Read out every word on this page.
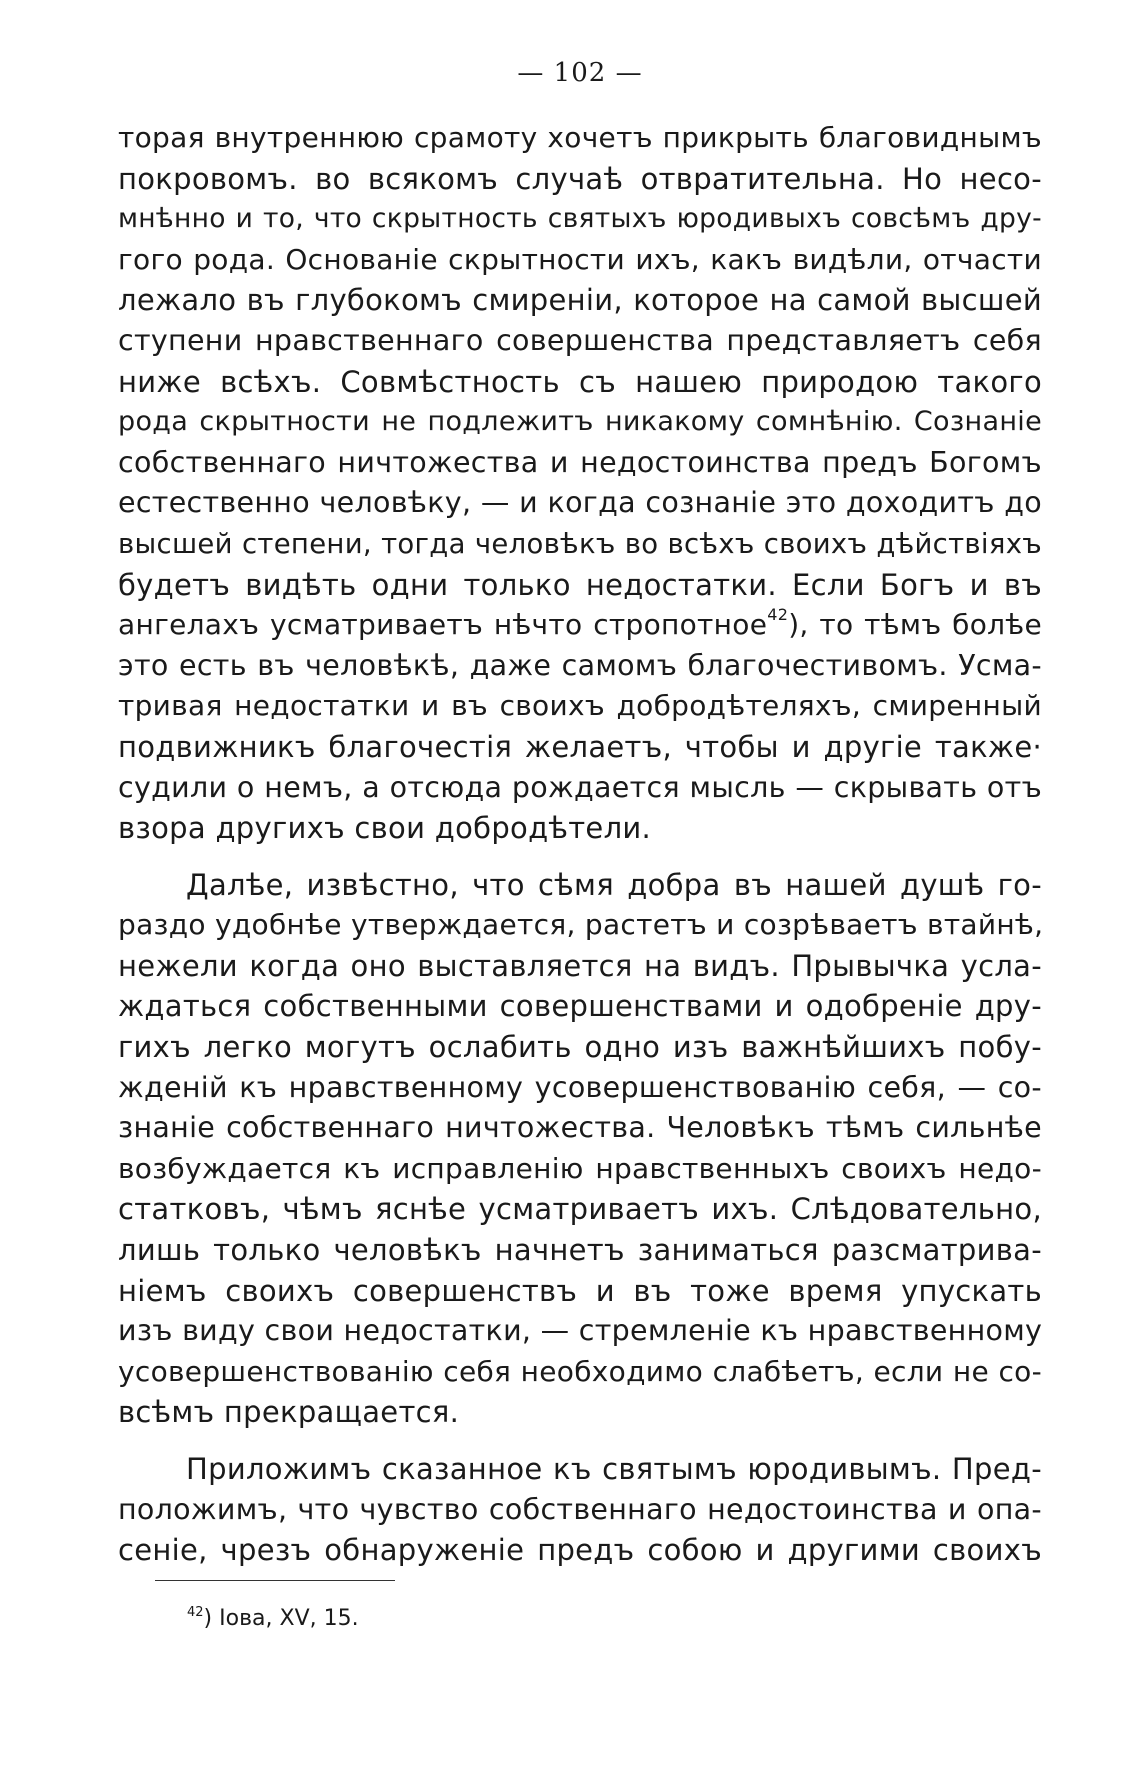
— 102 —
торая внутреннюю срамоту хочетъ прикрыть благовиднымъ
покровомъ. во всякомъ случаѣ отвратительна. Но несо-
мнѣнно и то, что скрытность святыхъ юродивыхъ совсѣмъ дру-
гого рода. Основаніе скрытности ихъ, какъ видѣли, отчасти
лежало въ глубокомъ смиреніи, которое на самой высшей
ступени нравственнаго совершенства представляетъ себя
ниже всѣхъ. Совмѣстность съ нашею природою такого
рода скрытности не подлежитъ никакому сомнѣнію. Сознаніе
собственнаго ничтожества и недостоинства предъ Богомъ
естественно человѣку, — и когда сознаніе это доходитъ до
высшей степени, тогда человѣкъ во всѣхъ своихъ дѣйствіяхъ
будетъ видѣть одни только недостатки. Если Богъ и въ
ангелахъ усматриваетъ нѣчто стропотное$^{42}$), то тѣмъ болѣе
это есть въ человѣкѣ, даже самомъ благочестивомъ. Усма-
тривая недостатки и въ своихъ добродѣтеляхъ, смиренный
подвижникъ благочестія желаетъ, чтобы и другіе также·
судили о немъ, а отсюда рождается мысль — скрывать отъ
взора другихъ свои добродѣтели.
Далѣе, извѣстно, что сѣмя добра въ нашей душѣ го-
раздо удобнѣе утверждается, растетъ и созрѣваетъ втайнѣ,
нежели когда оно выставляется на видъ. Прывычка усла-
ждаться собственными совершенствами и одобреніе дру-
гихъ легко могутъ ослабить одно изъ важнѣйшихъ побу-
жденій къ нравственному усовершенствованію себя, — со-
знаніе собственнаго ничтожества. Человѣкъ тѣмъ сильнѣе
возбуждается къ исправленію нравственныхъ своихъ недо-
статковъ, чѣмъ яснѣе усматриваетъ ихъ. Слѣдовательно,
лишь только человѣкъ начнетъ заниматься разсматрива-
ніемъ своихъ совершенствъ и въ тоже время упускать
изъ виду свои недостатки, — стремленіе къ нравственному
усовершенствованію себя необходимо слабѣетъ, если не со-
всѣмъ прекращается.
Приложимъ сказанное къ святымъ юродивымъ. Пред-
положимъ, что чувство собственнаго недостоинства и опа-
сеніе, чрезъ обнаруженіе предъ собою и другими своихъ
$^{42}$) Іова, XV, 15.
